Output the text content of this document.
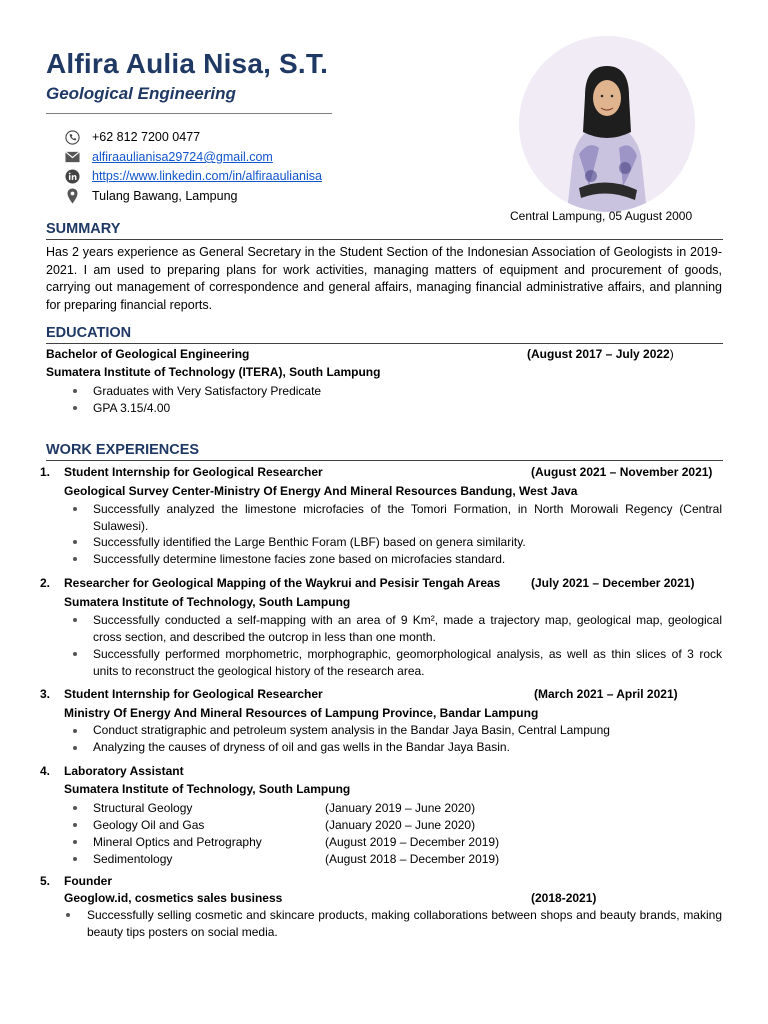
Alfira Aulia Nisa, S.T.
Geological Engineering
+62 812 7200 0477
alfiraaulianisa29724@gmail.com
https://www.linkedin.com/in/alfiraaulianisa
Tulang Bawang, Lampung
Central Lampung, 05 August 2000
SUMMARY
Has 2 years experience as General Secretary in the Student Section of the Indonesian Association of Geologists in 2019-2021. I am used to preparing plans for work activities, managing matters of equipment and procurement of goods, carrying out management of correspondence and general affairs, managing financial administrative affairs, and planning for preparing financial reports.
EDUCATION
Bachelor of Geological Engineering	(August 2017 – July 2022)
Sumatera Institute of Technology (ITERA), South Lampung
Graduates with Very Satisfactory Predicate
GPA 3.15/4.00
WORK EXPERIENCES
1. Student Internship for Geological Researcher	(August 2021 – November 2021)
Geological Survey Center-Ministry Of Energy And Mineral Resources Bandung, West Java
Successfully analyzed the limestone microfacies of the Tomori Formation, in North Morowali Regency (Central Sulawesi).
Successfully identified the Large Benthic Foram (LBF) based on genera similarity.
Successfully determine limestone facies zone based on microfacies standard.
2. Researcher for Geological Mapping of the Waykrui and Pesisir Tengah Areas	(July 2021 – December 2021)
Sumatera Institute of Technology, South Lampung
Successfully conducted a self-mapping with an area of 9 Km², made a trajectory map, geological map, geological cross section, and described the outcrop in less than one month.
Successfully performed morphometric, morphographic, geomorphological analysis, as well as thin slices of 3 rock units to reconstruct the geological history of the research area.
3. Student Internship for Geological Researcher	(March 2021 – April 2021)
Ministry Of Energy And Mineral Resources of Lampung Province, Bandar Lampung
Conduct stratigraphic and petroleum system analysis in the Bandar Jaya Basin, Central Lampung
Analyzing the causes of dryness of oil and gas wells in the Bandar Jaya Basin.
4. Laboratory Assistant
Sumatera Institute of Technology, South Lampung
Structural Geology	(January 2019 – June 2020)
Geology Oil and Gas	(January 2020 – June 2020)
Mineral Optics and Petrography	(August 2019 – December 2019)
Sedimentology	(August 2018 – December 2019)
5. Founder
Geoglow.id, cosmetics sales business	(2018-2021)
Successfully selling cosmetic and skincare products, making collaborations between shops and beauty brands, making beauty tips posters on social media.
